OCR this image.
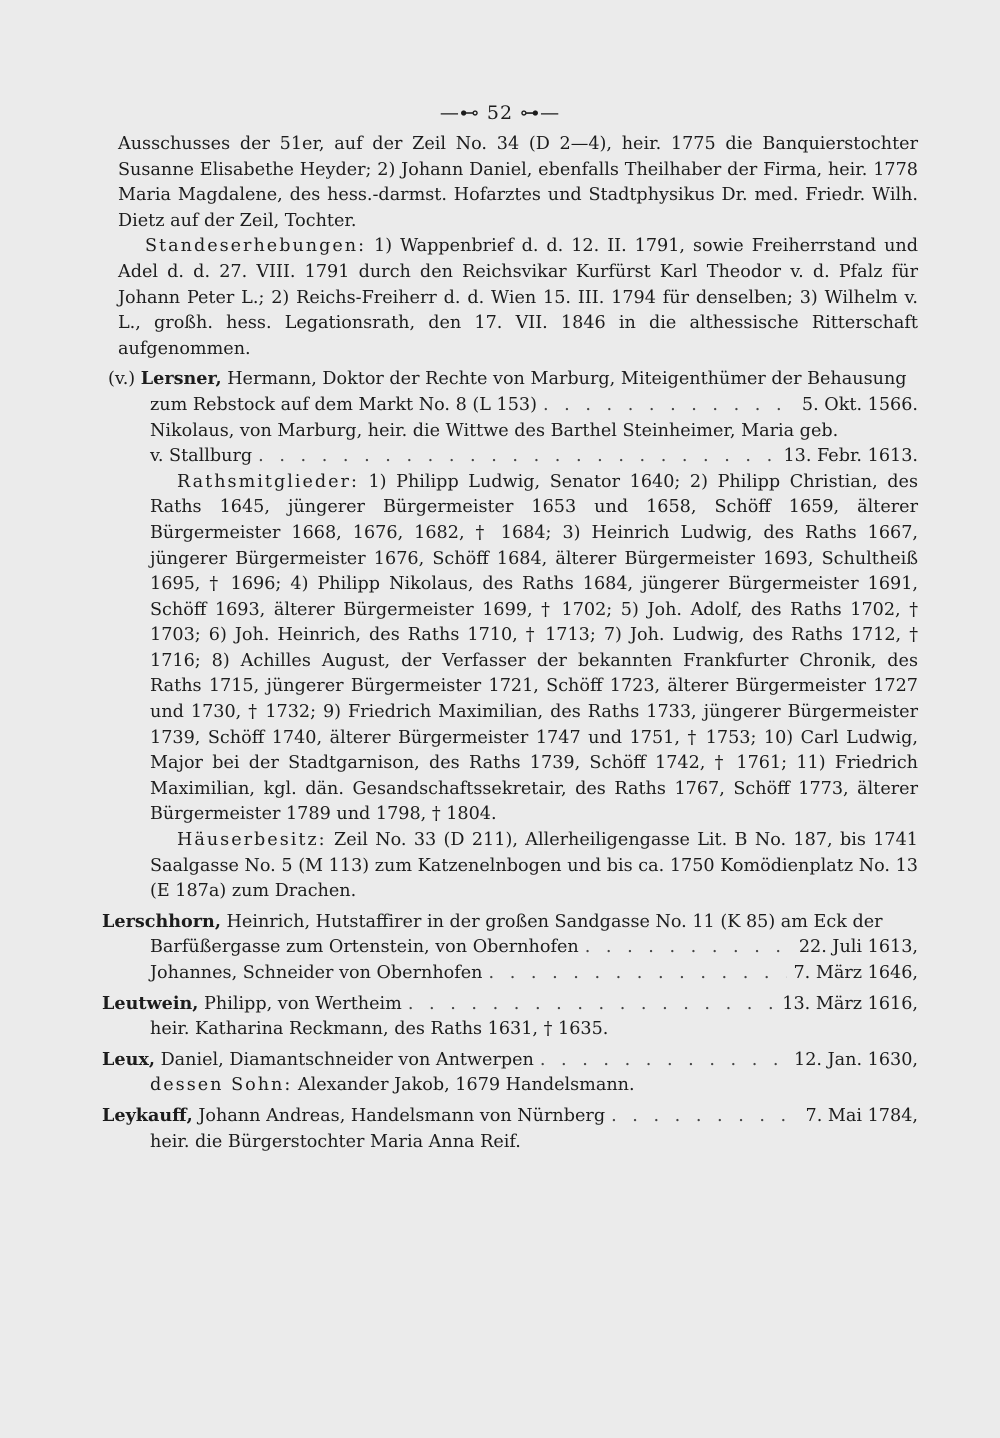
—⊷ 52 ⊶—

Ausschusses der 51er, auf der Zeil No. 34 (D 2—4), heir. 1775 die Banquierstochter Susanne Elisabethe Heyder; 2) Johann Daniel, ebenfalls Theilhaber der Firma, heir. 1778 Maria Magdalene, des hess.-darmst. Hofarztes und Stadtphysikus Dr. med. Friedr. Wilh. Dietz auf der Zeil, Tochter.

Standeserhebungen: 1) Wappenbrief d. d. 12. II. 1791, sowie Freiherrstand und Adel d. d. 27. VIII. 1791 durch den Reichsvikar Kurfürst Karl Theodor v. d. Pfalz für Johann Peter L.; 2) Reichs-Freiherr d. d. Wien 15. III. 1794 für denselben; 3) Wilhelm v. L., großh. hess. Legationsrath, den 17. VII. 1846 in die althessische Ritterschaft aufgenommen.

(v.) Lersner, Hermann, Doktor der Rechte von Marburg, Miteigenthümer der Behausung

zum Rebstock auf dem Markt No. 8 (L 153) . . .	5. Okt. 1566.

Nikolaus, von Marburg, heir. die Wittwe des Barthel Steinheimer, Maria geb.

v. Stallburg . . .	13. Febr. 1613.

Rathsmitglieder: 1) Philipp Ludwig, Senator 1640; 2) Philipp Christian, des Raths 1645, jüngerer Bürgermeister 1653 und 1658, Schöff 1659, älterer Bürgermeister 1668, 1676, 1682, † 1684; 3) Heinrich Ludwig, des Raths 1667, jüngerer Bürgermeister 1676, Schöff 1684, älterer Bürgermeister 1693, Schultheiß 1695, † 1696; 4) Philipp Nikolaus, des Raths 1684, jüngerer Bürgermeister 1691, Schöff 1693, älterer Bürgermeister 1699, † 1702; 5) Joh. Adolf, des Raths 1702, † 1703; 6) Joh. Heinrich, des Raths 1710, † 1713; 7) Joh. Ludwig, des Raths 1712, † 1716; 8) Achilles August, der Verfasser der bekannten Frankfurter Chronik, des Raths 1715, jüngerer Bürgermeister 1721, Schöff 1723, älterer Bürgermeister 1727 und 1730, † 1732; 9) Friedrich Maximilian, des Raths 1733, jüngerer Bürgermeister 1739, Schöff 1740, älterer Bürgermeister 1747 und 1751, † 1753; 10) Carl Ludwig, Major bei der Stadtgarnison, des Raths 1739, Schöff 1742, † 1761; 11) Friedrich Maximilian, kgl. dän. Gesandschaftssekretair, des Raths 1767, Schöff 1773, älterer Bürgermeister 1789 und 1798, † 1804.

Häuserbesitz: Zeil No. 33 (D 211), Allerheiligengasse Lit. B No. 187, bis 1741 Saalgasse No. 5 (M 113) zum Katzenelnbogen und bis ca. 1750 Komödienplatz No. 13 (E 187a) zum Drachen.

Lerschhorn, Heinrich, Hutstaffirer in der großen Sandgasse No. 11 (K 85) am Eck der

Barfüßergasse zum Ortenstein, von Obernhofen . . .	22. Juli 1613,
Johannes, Schneider von Obernhofen . . .	7. März 1646,
Leutwein, Philipp, von Wertheim . . .	13. März 1616,

heir. Katharina Reckmann, des Raths 1631, † 1635.

Leux, Daniel, Diamantschneider von Antwerpen . . .	12. Jan. 1630,

dessen Sohn: Alexander Jakob, 1679 Handelsmann.

Leykauff, Johann Andreas, Handelsmann von Nürnberg . . .	7. Mai 1784,

heir. die Bürgerstochter Maria Anna Reif.
